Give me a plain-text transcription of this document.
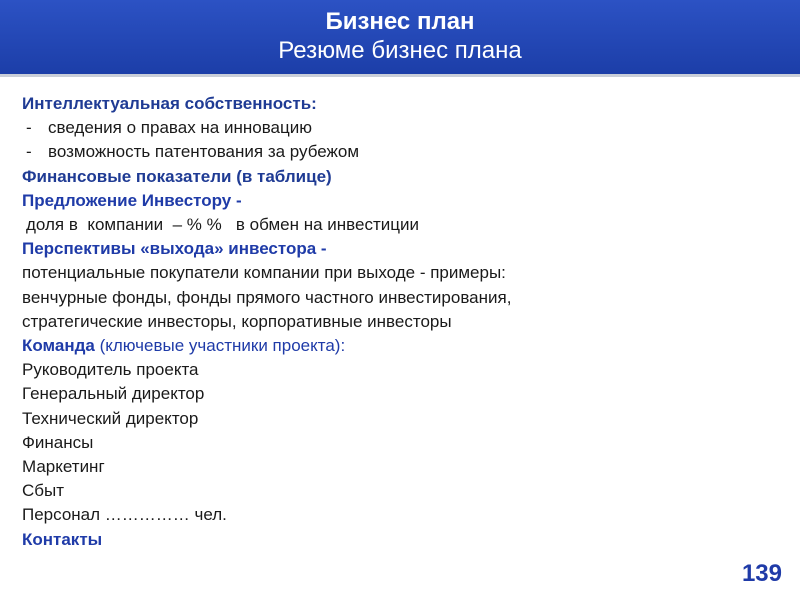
Бизнес план
Резюме бизнес плана
Интеллектуальная собственность:
- сведения о правах на инновацию
- возможность патентования за рубежом
Финансовые показатели (в таблице)
Предложение Инвестору -
доля в  компании  – % %   в обмен на инвестиции
Перспективы «выхода» инвестора -
потенциальные покупатели компании при выходе - примеры:
венчурные фонды, фонды прямого частного инвестирования,
стратегические инвесторы, корпоративные инвесторы
Команда (ключевые участники проекта):
Руководитель проекта
Генеральный директор
Технический директор
Финансы
Маркетинг
Сбыт
Персонал …………… чел.
Контакты
139
